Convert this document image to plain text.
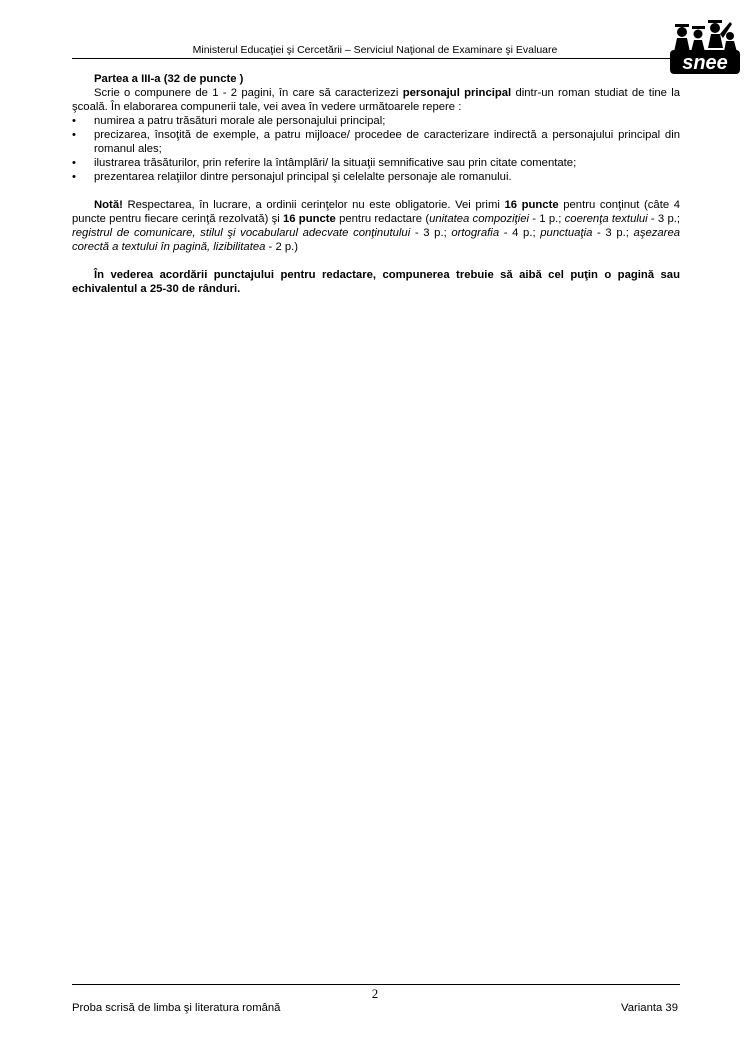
Ministerul Educaţiei şi Cercetării – Serviciul Naţional de Examinare şi Evaluare
snee

Partea a III-a (32 de puncte )

Scrie o compunere de 1 - 2 pagini, în care să caracterizezi personajul principal dintr-un roman studiat de tine la şcoală. În elaborarea compunerii tale, vei avea în vedere următoarele repere :

•	numirea a patru trăsături morale ale personajului principal;
•	precizarea, însoţită de exemple, a patru mijloace/ procedee de caracterizare indirectă a personajului principal din romanul ales;
•	ilustrarea trăsăturilor, prin referire la întâmplări/ la situaţii semnificative sau prin citate comentate;
•	prezentarea relaţiilor dintre personajul principal şi celelalte personaje ale romanului.

Notă! Respectarea, în lucrare, a ordinii cerinţelor nu este obligatorie. Vei primi 16 puncte pentru conţinut (câte 4 puncte pentru fiecare cerinţă rezolvată) şi 16 puncte pentru redactare (unitatea compoziţiei - 1 p.; coerenţa textului - 3 p.; registrul de comunicare, stilul şi vocabularul adecvate conţinutului - 3 p.; ortografia - 4 p.; punctuaţia - 3 p.; aşezarea corectă a textului în pagină, lizibilitatea - 2 p.)

În vederea acordării punctajului pentru redactare, compunerea trebuie să aibă cel puţin o pagină sau echivalentul a 25-30 de rânduri.

2
Proba scrisă de limba şi literatura română	Varianta 39
